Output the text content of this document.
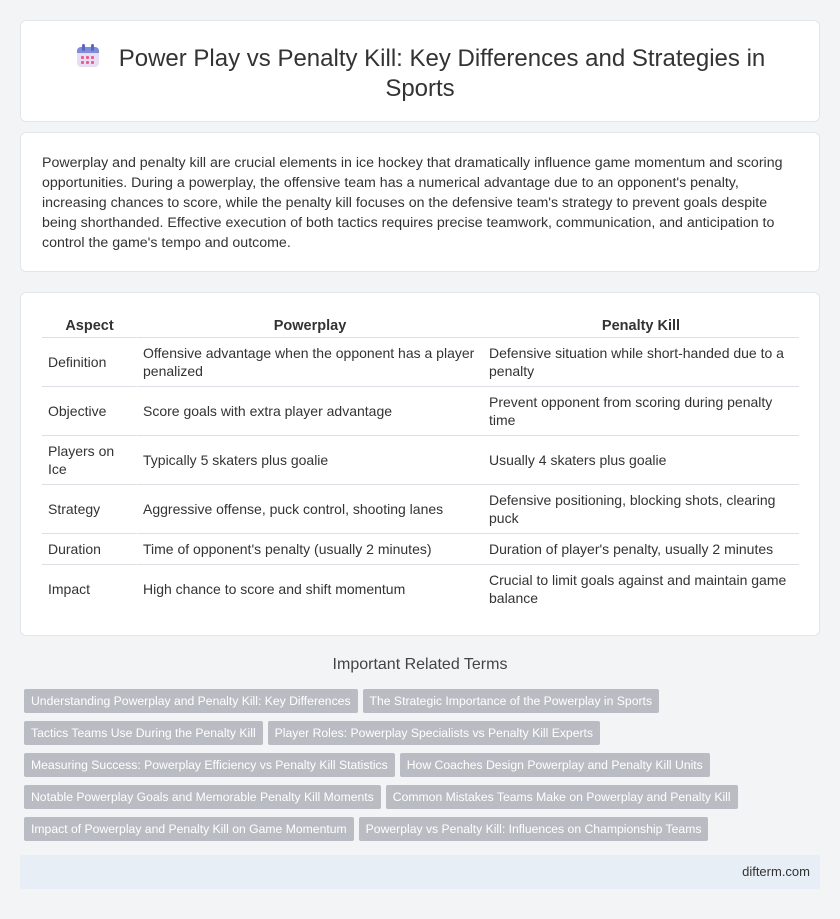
Power Play vs Penalty Kill: Key Differences and Strategies in Sports

Powerplay and penalty kill are crucial elements in ice hockey that dramatically influence game momentum and scoring opportunities. During a powerplay, the offensive team has a numerical advantage due to an opponent's penalty, increasing chances to score, while the penalty kill focuses on the defensive team's strategy to prevent goals despite being shorthanded. Effective execution of both tactics requires precise teamwork, communication, and anticipation to control the game's tempo and outcome.

Aspect	Powerplay	Penalty Kill
Definition	Offensive advantage when the opponent has a player penalized	Defensive situation while short-handed due to a penalty
Objective	Score goals with extra player advantage	Prevent opponent from scoring during penalty time
Players on Ice	Typically 5 skaters plus goalie	Usually 4 skaters plus goalie
Strategy	Aggressive offense, puck control, shooting lanes	Defensive positioning, blocking shots, clearing puck
Duration	Time of opponent's penalty (usually 2 minutes)	Duration of player's penalty, usually 2 minutes
Impact	High chance to score and shift momentum	Crucial to limit goals against and maintain game balance
Important Related Terms
Understanding Powerplay and Penalty Kill: Key Differences The Strategic Importance of the Powerplay in Sports
Tactics Teams Use During the Penalty Kill Player Roles: Powerplay Specialists vs Penalty Kill Experts
Measuring Success: Powerplay Efficiency vs Penalty Kill Statistics How Coaches Design Powerplay and Penalty Kill Units
Notable Powerplay Goals and Memorable Penalty Kill Moments Common Mistakes Teams Make on Powerplay and Penalty Kill
Impact of Powerplay and Penalty Kill on Game Momentum Powerplay vs Penalty Kill: Influences on Championship Teams
difterm.com
